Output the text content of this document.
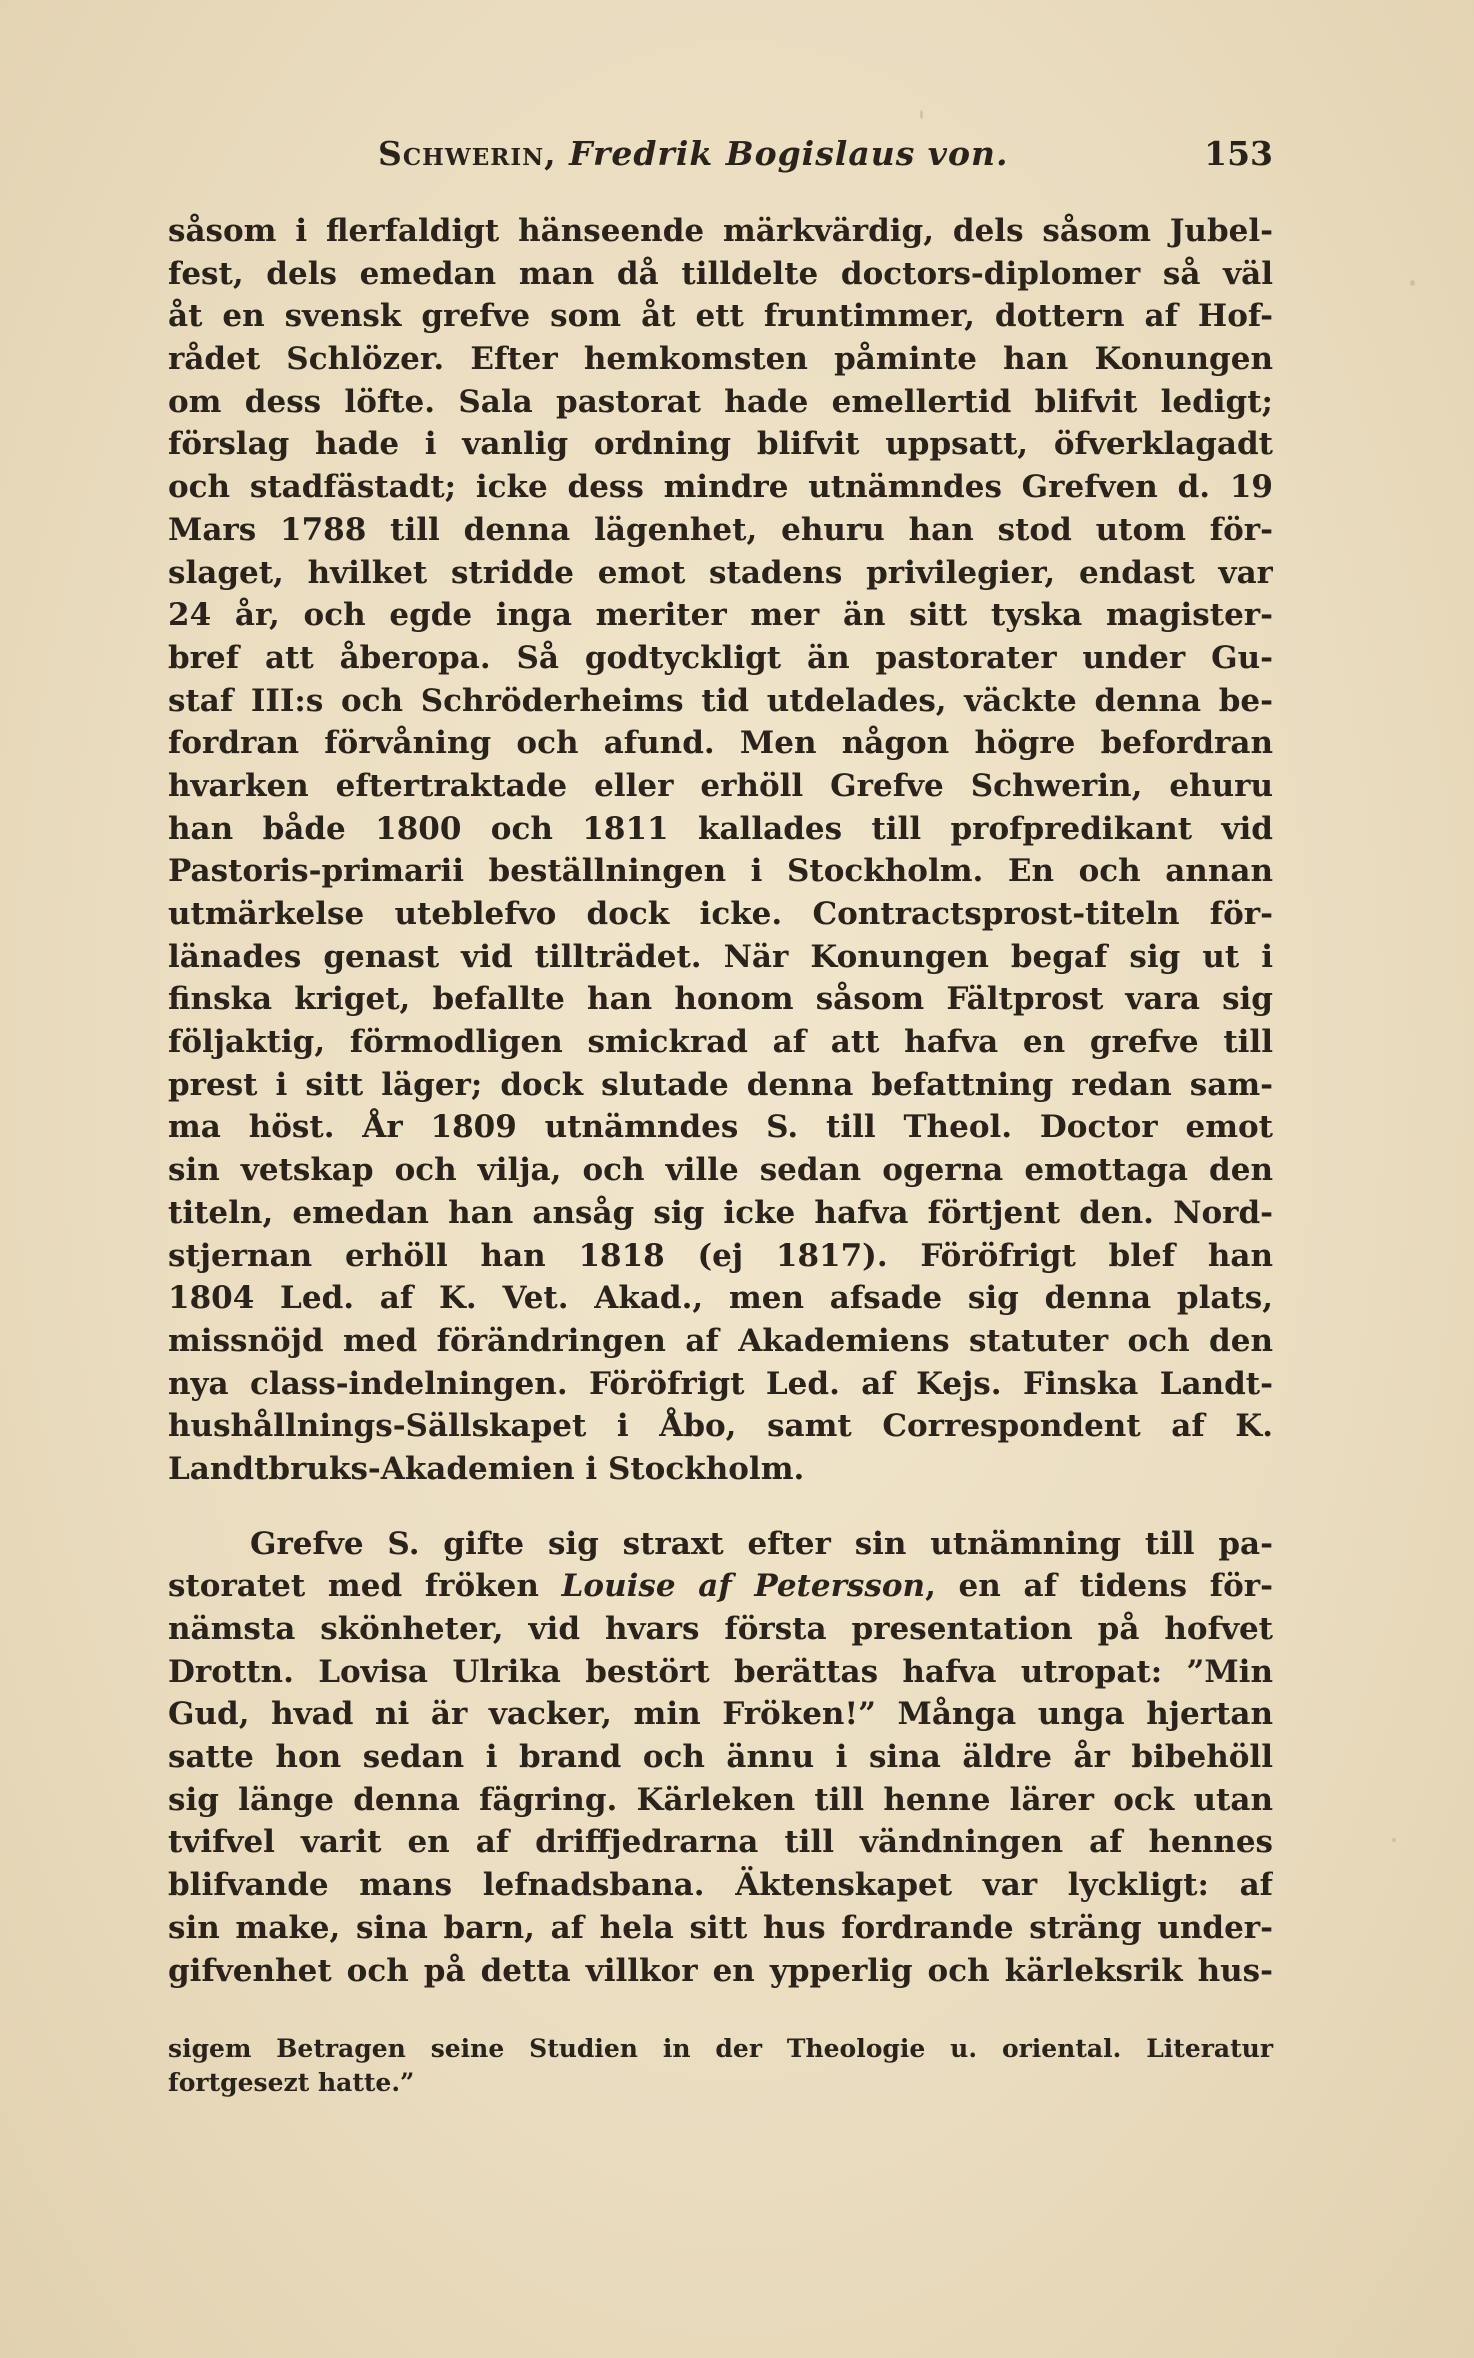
Schwerin, Fredrik Bogislaus von.	153
såsom i flerfaldigt hänseende märkvärdig, dels såsom Jubel-
fest, dels emedan man då tilldelte doctors-diplomer så väl
åt en svensk grefve som åt ett fruntimmer, dottern af Hof-
rådet Schlözer. Efter hemkomsten påminte han Konungen
om dess löfte. Sala pastorat hade emellertid blifvit ledigt;
förslag hade i vanlig ordning blifvit uppsatt, öfverklagadt
och stadfästadt; icke dess mindre utnämndes Grefven d. 19
Mars 1788 till denna lägenhet, ehuru han stod utom för-
slaget, hvilket stridde emot stadens privilegier, endast var
24 år, och egde inga meriter mer än sitt tyska magister-
bref att åberopa. Så godtyckligt än pastorater under Gu-
staf III:s och Schröderheims tid utdelades, väckte denna be-
fordran förvåning och afund. Men någon högre befordran
hvarken eftertraktade eller erhöll Grefve Schwerin, ehuru
han både 1800 och 1811 kallades till profpredikant vid
Pastoris-primarii beställningen i Stockholm. En och annan
utmärkelse uteblefvo dock icke. Contractsprost-titeln för-
länades genast vid tillträdet. När Konungen begaf sig ut i
finska kriget, befallte han honom såsom Fältprost vara sig
följaktig, förmodligen smickrad af att hafva en grefve till
prest i sitt läger; dock slutade denna befattning redan sam-
ma höst. År 1809 utnämndes S. till Theol. Doctor emot
sin vetskap och vilja, och ville sedan ogerna emottaga den
titeln, emedan han ansåg sig icke hafva förtjent den. Nord-
stjernan erhöll han 1818 (ej 1817). Föröfrigt blef han
1804 Led. af K. Vet. Akad., men afsade sig denna plats,
missnöjd med förändringen af Akademiens statuter och den
nya class-indelningen. Föröfrigt Led. af Kejs. Finska Landt-
hushållnings-Sällskapet i Åbo, samt Correspondent af K.
Landtbruks-Akademien i Stockholm.
Grefve S. gifte sig straxt efter sin utnämning till pa-
storatet med fröken Louise af Petersson, en af tidens för-
nämsta skönheter, vid hvars första presentation på hofvet
Drottn. Lovisa Ulrika bestört berättas hafva utropat: ”Min
Gud, hvad ni är vacker, min Fröken!” Många unga hjertan
satte hon sedan i brand och ännu i sina äldre år bibehöll
sig länge denna fägring. Kärleken till henne lärer ock utan
tvifvel varit en af driffjedrarna till vändningen af hennes
blifvande mans lefnadsbana. Äktenskapet var lyckligt: af
sin make, sina barn, af hela sitt hus fordrande sträng under-
gifvenhet och på detta villkor en ypperlig och kärleksrik hus-
sigem Betragen seine Studien in der Theologie u. oriental. Literatur
fortgesezt hatte.”
